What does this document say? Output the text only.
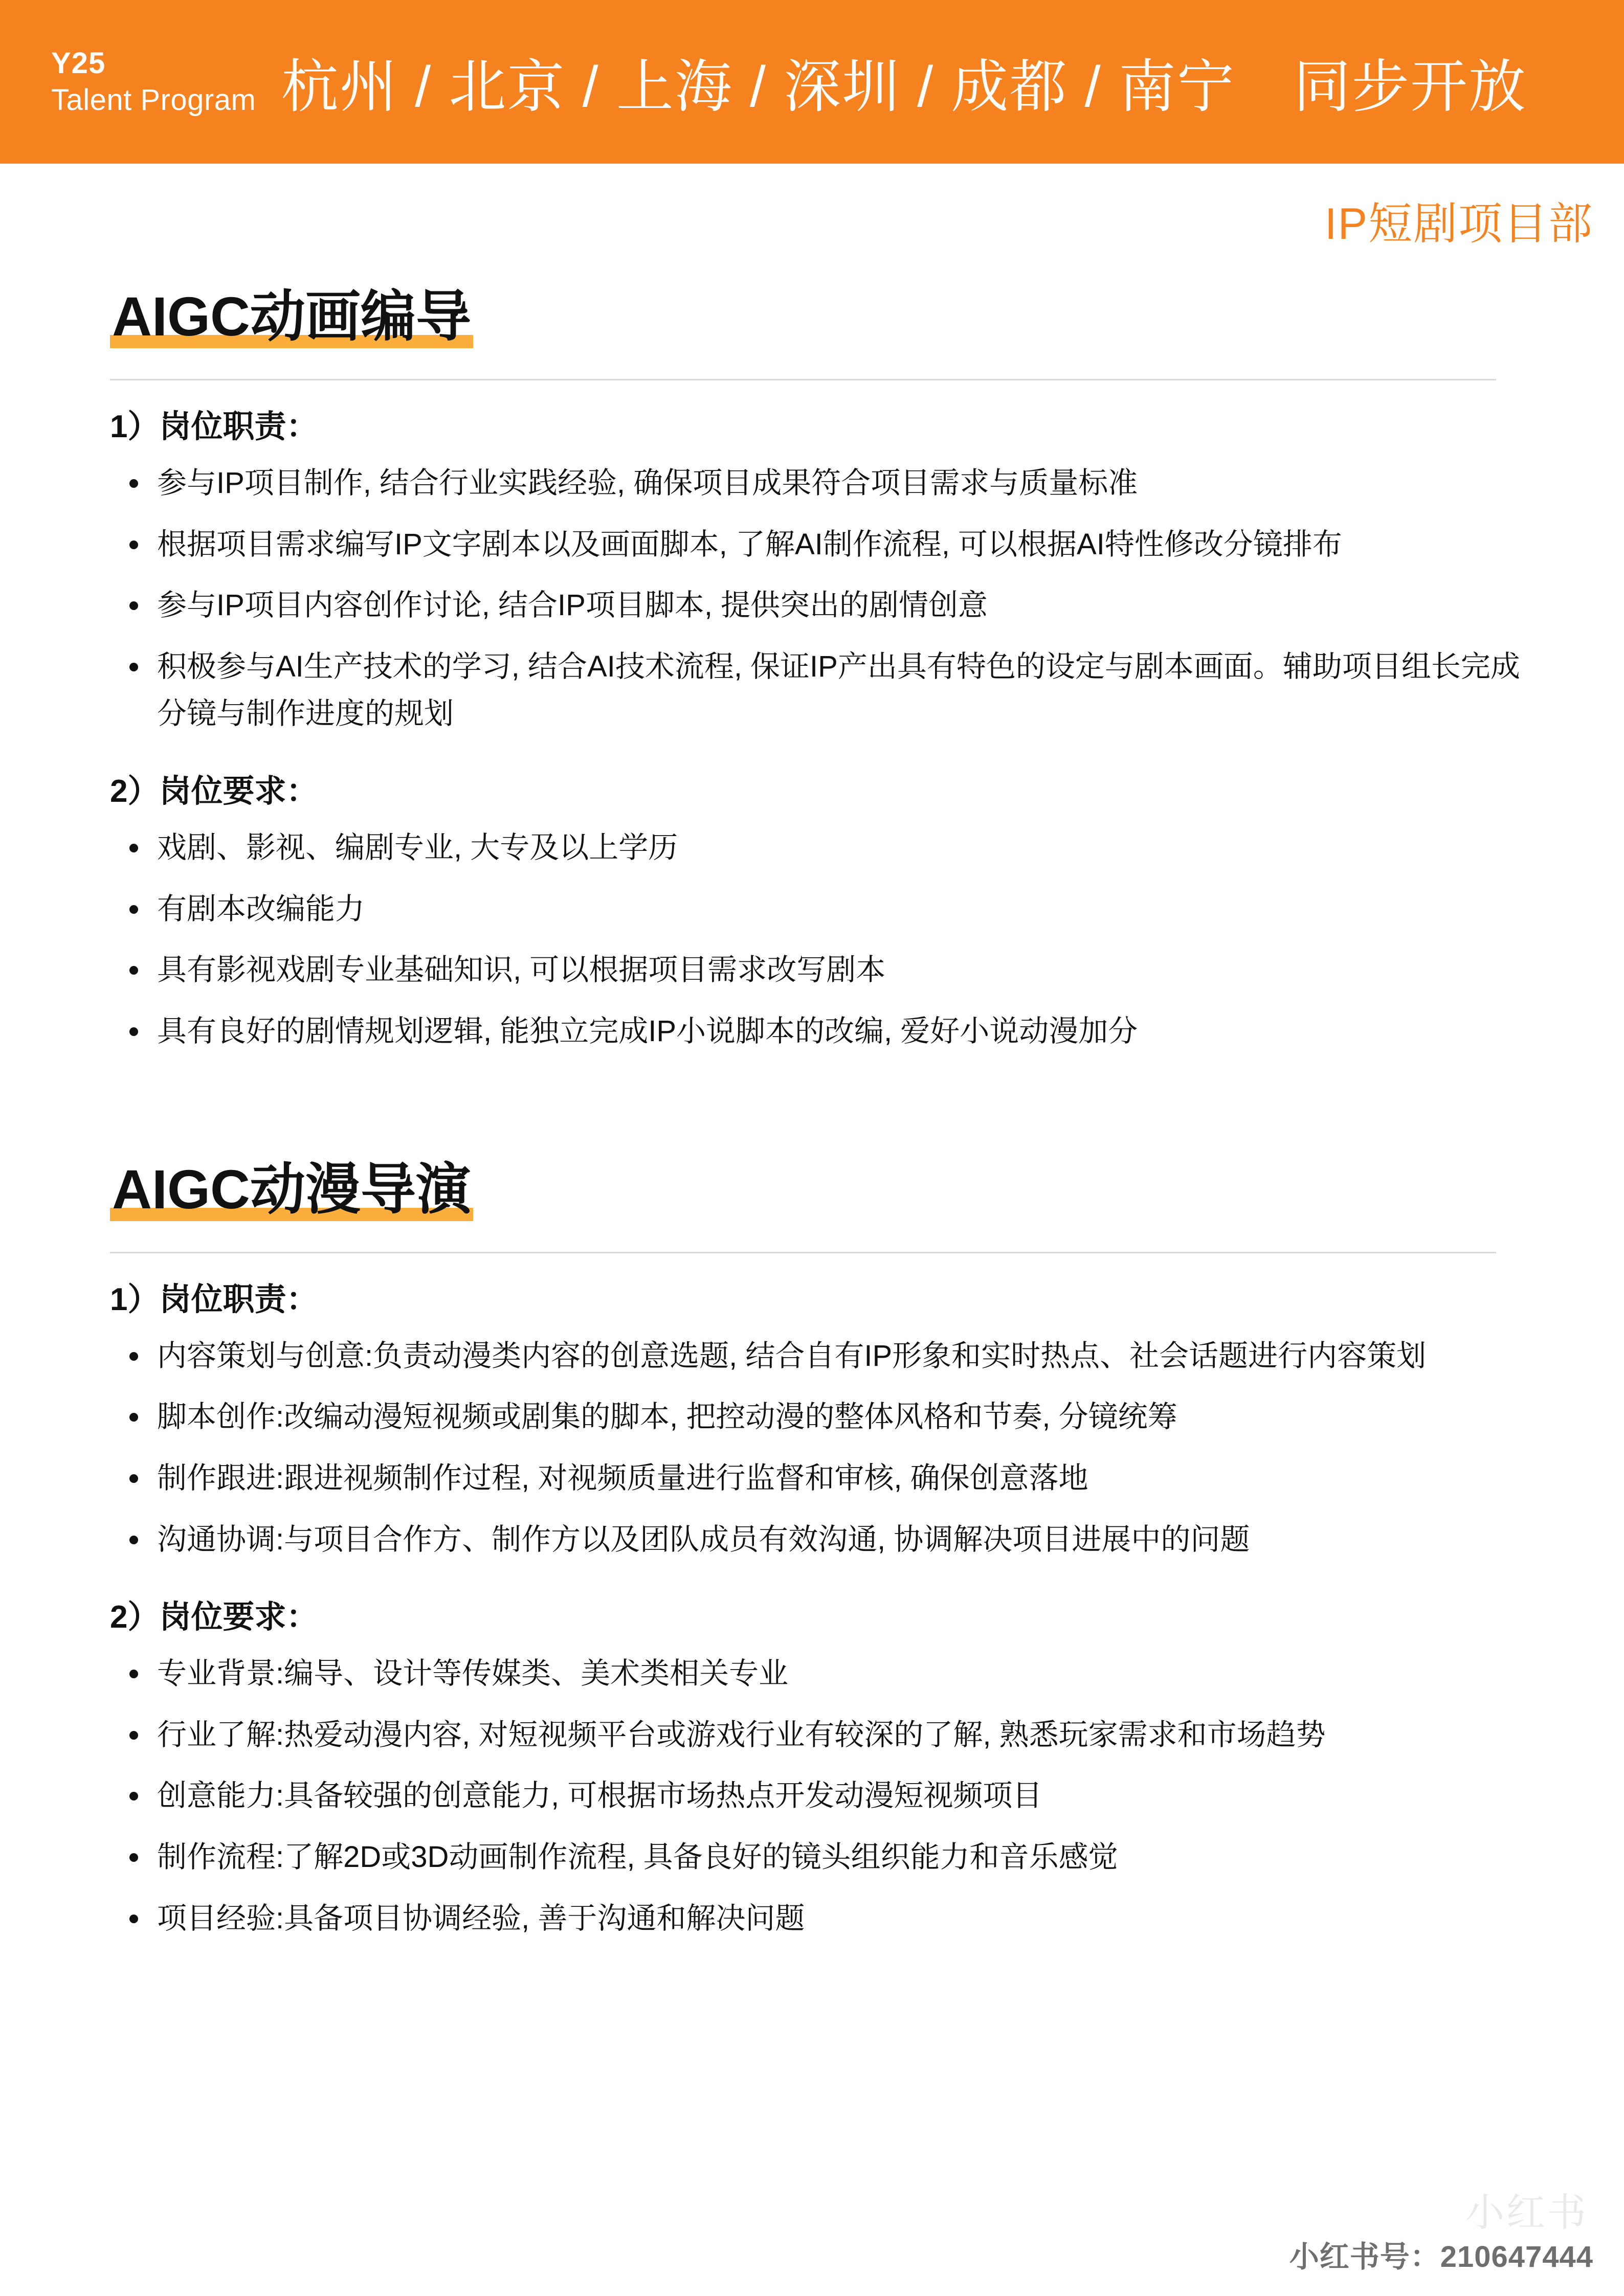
Y25
Talent Program 杭州 / 北京 / 上海 / 深圳 / 成都 / 南宁　同步开放
IP短剧项目部
AIGC动画编导
1）岗位职责：
参与IP项目制作, 结合行业实践经验, 确保项目成果符合项目需求与质量标准
根据项目需求编写IP文字剧本以及画面脚本, 了解AI制作流程, 可以根据AI特性修改分镜排布
参与IP项目内容创作讨论, 结合IP项目脚本, 提供突出的剧情创意
积极参与AI生产技术的学习, 结合AI技术流程, 保证IP产出具有特色的设定与剧本画面。辅助项目组长完成分镜与制作进度的规划
2）岗位要求：
戏剧、影视、编剧专业, 大专及以上学历
有剧本改编能力
具有影视戏剧专业基础知识, 可以根据项目需求改写剧本
具有良好的剧情规划逻辑, 能独立完成IP小说脚本的改编, 爱好小说动漫加分
AIGC动漫导演
1）岗位职责：
内容策划与创意:负责动漫类内容的创意选题, 结合自有IP形象和实时热点、社会话题进行内容策划
脚本创作:改编动漫短视频或剧集的脚本, 把控动漫的整体风格和节奏, 分镜统筹
制作跟进:跟进视频制作过程, 对视频质量进行监督和审核, 确保创意落地
沟通协调:与项目合作方、制作方以及团队成员有效沟通, 协调解决项目进展中的问题
2）岗位要求：
专业背景:编导、设计等传媒类、美术类相关专业
行业了解:热爱动漫内容, 对短视频平台或游戏行业有较深的了解, 熟悉玩家需求和市场趋势
创意能力:具备较强的创意能力, 可根据市场热点开发动漫短视频项目
制作流程:了解2D或3D动画制作流程, 具备良好的镜头组织能力和音乐感觉
项目经验:具备项目协调经验, 善于沟通和解决问题
小红书
小红书号：210647444
